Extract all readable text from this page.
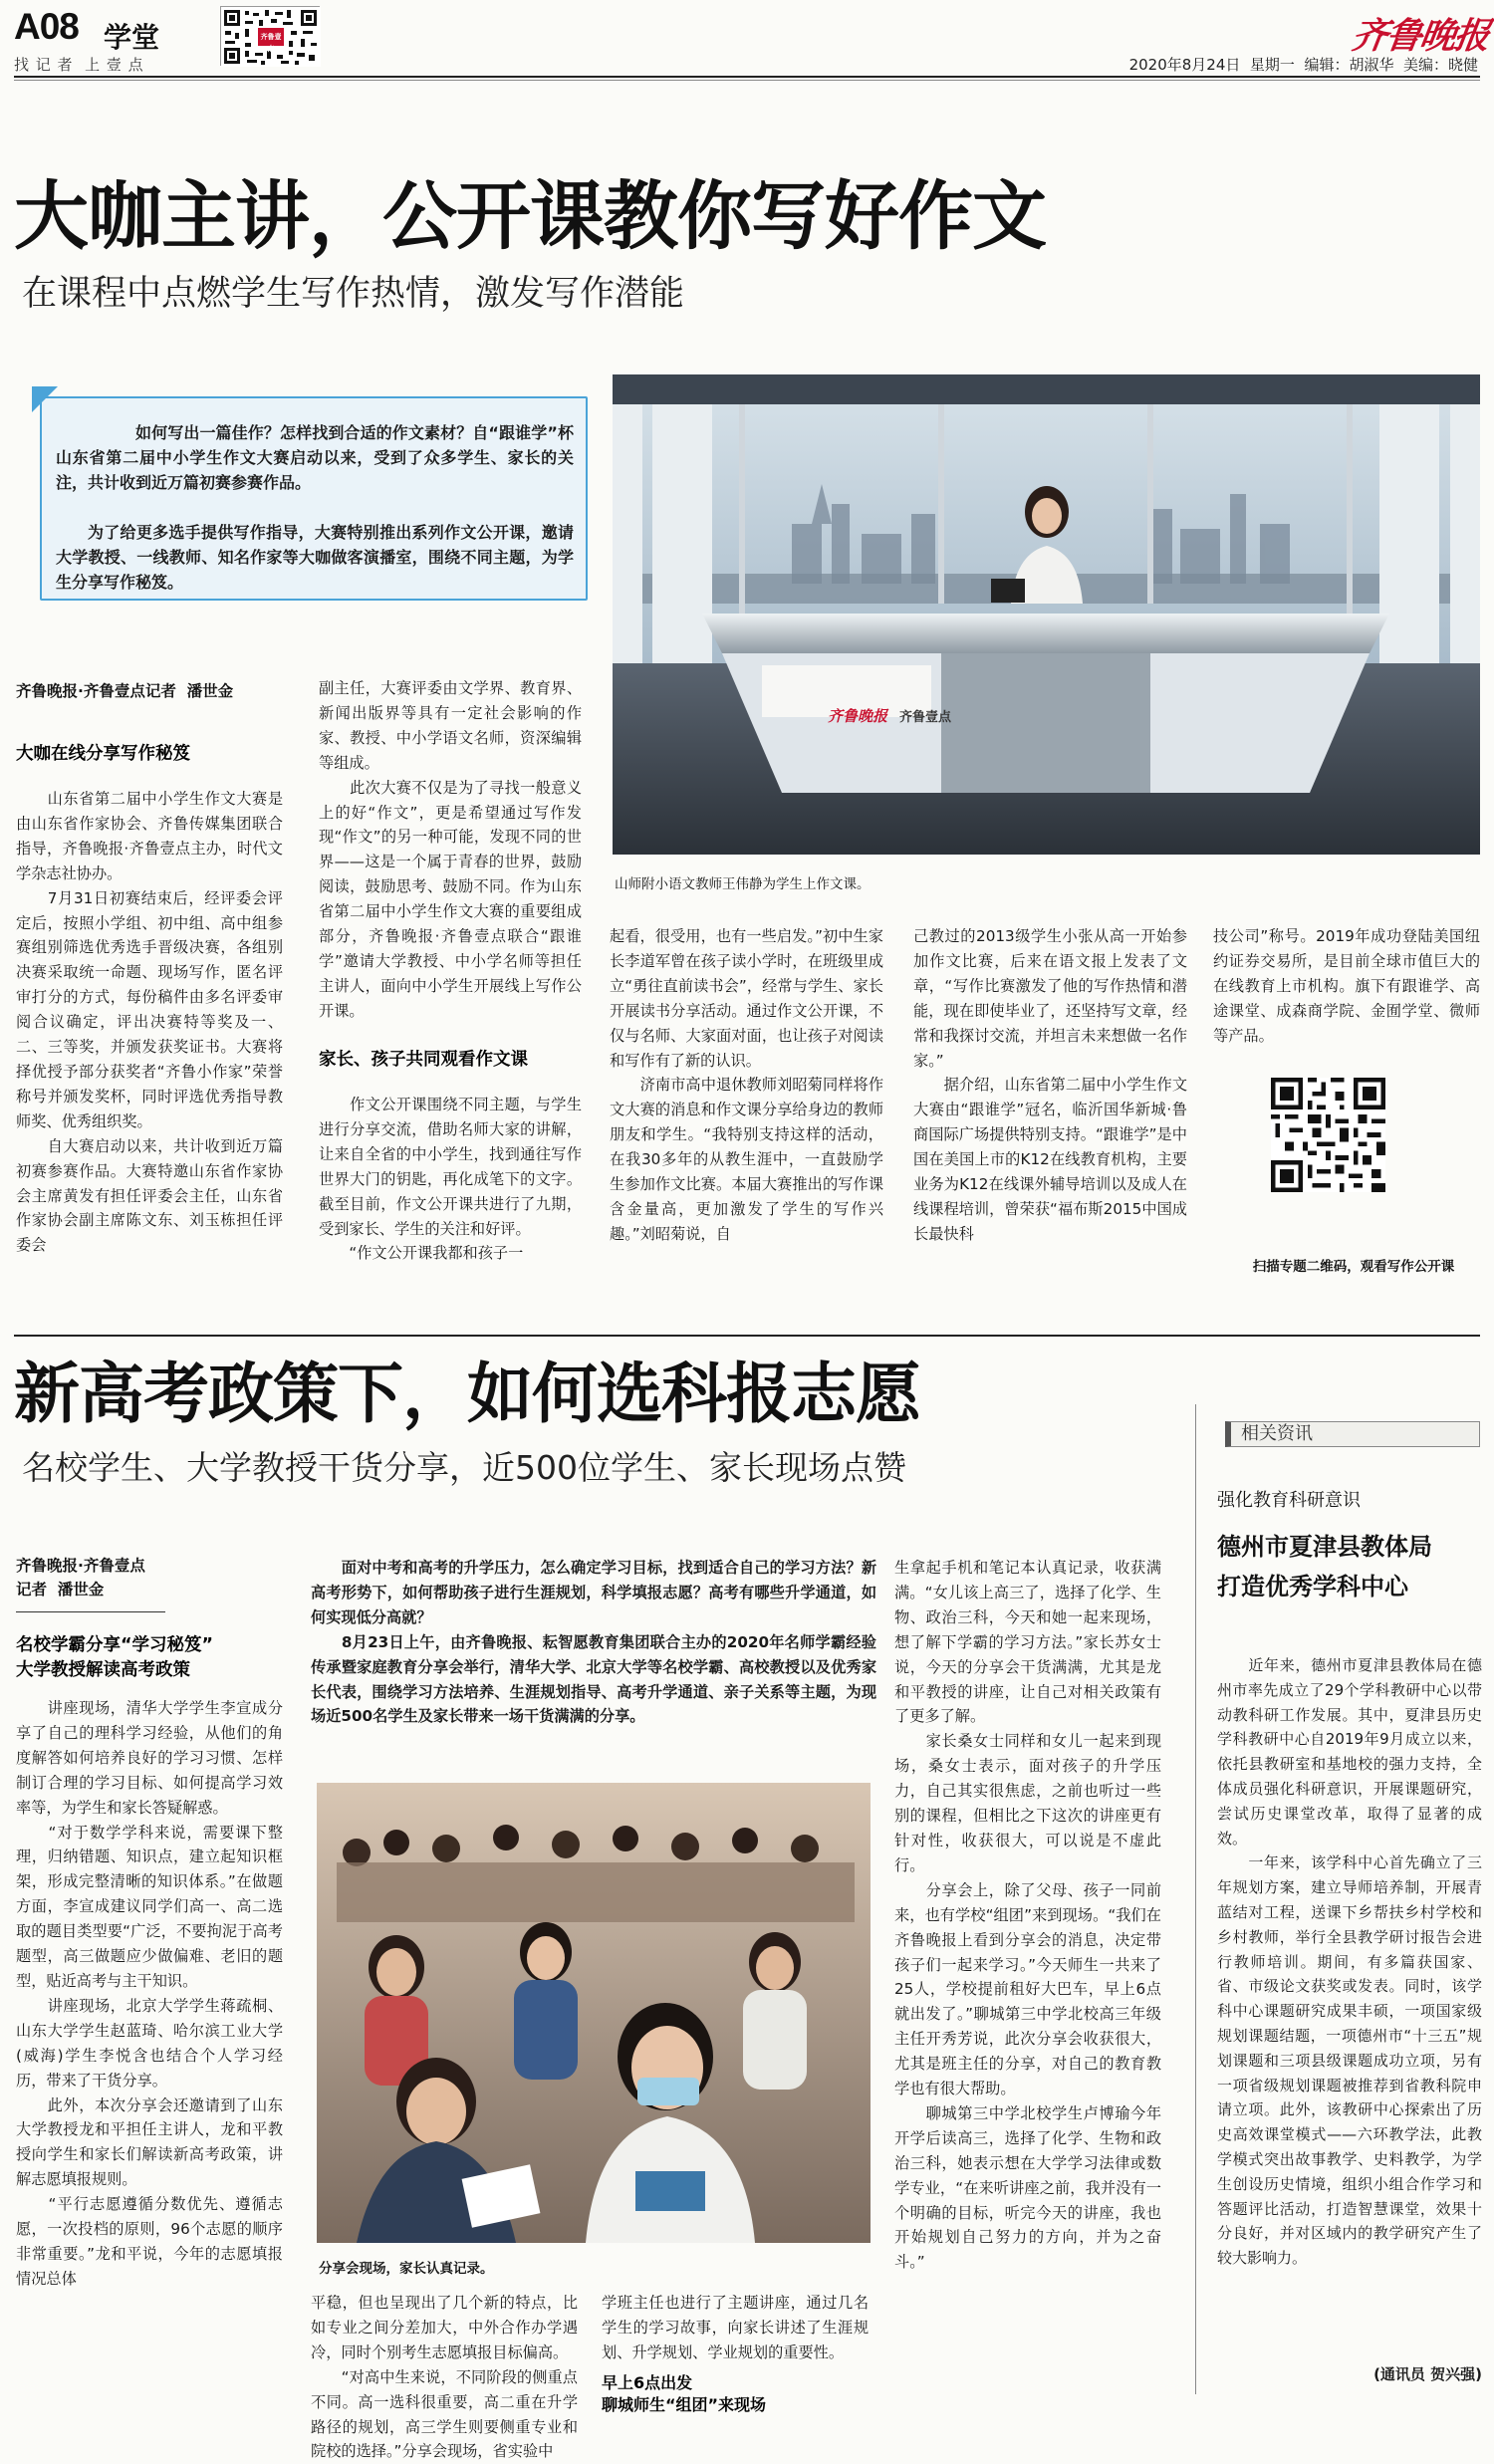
A08 学堂
找 记 者  上 壹 点
齐鲁壹点	齐鲁晚报
2020年8月24日  星期一  编辑：胡淑华  美编：晓健
大咖主讲，公开课教你写好作文
在课程中点燃学生写作热情，激发写作潜能
如何写出一篇佳作？怎样找到合适的作文素材？自“跟谁学”杯山东省第二届中小学生作文大赛启动以来，受到了众多学生、家长的关注，共计收到近万篇初赛参赛作品。
为了给更多选手提供写作指导，大赛特别推出系列作文公开课，邀请大学教授、一线教师、知名作家等大咖做客演播室，围绕不同主题，为学生分享写作秘笈。
齐鲁晚报 齐鲁壹点
山师附小语文教师王伟静为学生上作文课。
齐鲁晚报·齐鲁壹点记者  潘世金
大咖在线分享写作秘笈
　　山东省第二届中小学生作文大赛是由山东省作家协会、齐鲁传媒集团联合指导，齐鲁晚报·齐鲁壹点主办，时代文学杂志社协办。
　　7月31日初赛结束后，经评委会评定后，按照小学组、初中组、高中组参赛组别筛选优秀选手晋级决赛，各组别决赛采取统一命题、现场写作，匿名评审打分的方式，每份稿件由多名评委审阅合议确定，评出决赛特等奖及一、二、三等奖，并颁发获奖证书。大赛将择优授予部分获奖者“齐鲁小作家”荣誉称号并颁发奖杯，同时评选优秀指导教师奖、优秀组织奖。
　　自大赛启动以来，共计收到近万篇初赛参赛作品。大赛特邀山东省作家协会主席黄发有担任评委会主任，山东省作家协会副主席陈文东、刘玉栋担任评委会
副主任，大赛评委由文学界、教育界、新闻出版界等具有一定社会影响的作家、教授、中小学语文名师，资深编辑等组成。
　　此次大赛不仅是为了寻找一般意义上的好“作文”，更是希望通过写作发现“作文”的另一种可能，发现不同的世界——这是一个属于青春的世界，鼓励阅读，鼓励思考、鼓励不同。作为山东省第二届中小学生作文大赛的重要组成部分，齐鲁晚报·齐鲁壹点联合“跟谁学”邀请大学教授、中小学名师等担任主讲人，面向中小学生开展线上写作公开课。
家长、孩子共同观看作文课
　　作文公开课围绕不同主题，与学生进行分享交流，借助名师大家的讲解，让来自全省的中小学生，找到通往写作世界大门的钥匙，再化成笔下的文字。截至目前，作文公开课共进行了九期，受到家长、学生的关注和好评。
　　“作文公开课我都和孩子一
起看，很受用，也有一些启发。”初中生家长李道军曾在孩子读小学时，在班级里成立“勇往直前读书会”，经常与学生、家长开展读书分享活动。通过作文公开课，不仅与名师、大家面对面，也让孩子对阅读和写作有了新的认识。
　　济南市高中退休教师刘昭菊同样将作文大赛的消息和作文课分享给身边的教师朋友和学生。“我特别支持这样的活动，在我30多年的从教生涯中，一直鼓励学生参加作文比赛。本届大赛推出的写作课含金量高，更加激发了学生的写作兴趣。”刘昭菊说，自
己教过的2013级学生小张从高一开始参加作文比赛，后来在语文报上发表了文章，“写作比赛激发了他的写作热情和潜能，现在即使毕业了，还坚持写文章，经常和我探讨交流，并坦言未来想做一名作家。”
　　据介绍，山东省第二届中小学生作文大赛由“跟谁学”冠名，临沂国华新城·鲁商国际广场提供特别支持。“跟谁学”是中国在美国上市的K12在线教育机构，主要业务为K12在线课外辅导培训以及成人在线课程培训，曾荣获“福布斯2015中国成长最快科
技公司”称号。2019年成功登陆美国纽约证券交易所，是目前全球市值巨大的在线教育上市机构。旗下有跟谁学、高途课堂、成森商学院、金囿学堂、微师等产品。
扫描专题二维码，观看写作公开课
新高考政策下，如何选科报志愿
名校学生、大学教授干货分享，近500位学生、家长现场点赞
齐鲁晚报·齐鲁壹点
记者  潘世金
名校学霸分享“学习秘笈”
大学教授解读高考政策
　　讲座现场，清华大学学生李宣成分享了自己的理科学习经验，从他们的角度解答如何培养良好的学习习惯、怎样制订合理的学习目标、如何提高学习效率等，为学生和家长答疑解惑。
　　“对于数学学科来说，需要课下整理，归纳错题、知识点，建立起知识框架，形成完整清晰的知识体系。”在做题方面，李宣成建议同学们高一、高二选取的题目类型要“广泛，不要拘泥于高考题型，高三做题应少做偏难、老旧的题型，贴近高考与主干知识。
　　讲座现场，北京大学学生蒋疏桐、山东大学学生赵蓝琦、哈尔滨工业大学(威海)学生李悦含也结合个人学习经历，带来了干货分享。
　　此外，本次分享会还邀请到了山东大学教授龙和平担任主讲人，龙和平教授向学生和家长们解读新高考政策，讲解志愿填报规则。
　　“平行志愿遵循分数优先、遵循志愿，一次投档的原则，96个志愿的顺序非常重要。”龙和平说，今年的志愿填报情况总体
　　面对中考和高考的升学压力，怎么确定学习目标，找到适合自己的学习方法？新高考形势下，如何帮助孩子进行生涯规划，科学填报志愿？高考有哪些升学通道，如何实现低分高就？
　　8月23日上午，由齐鲁晚报、耘智愿教育集团联合主办的2020年名师学霸经验传承暨家庭教育分享会举行，清华大学、北京大学等名校学霸、高校教授以及优秀家长代表，围绕学习方法培养、生涯规划指导、高考升学通道、亲子关系等主题，为现场近500名学生及家长带来一场干货满满的分享。
分享会现场，家长认真记录。
平稳，但也呈现出了几个新的特点，比如专业之间分差加大，中外合作办学遇冷，同时个别考生志愿填报目标偏高。
　　“对高中生来说，不同阶段的侧重点不同。高一选科很重要，高二重在升学路径的规划，高三学生则要侧重专业和院校的选择。”分享会现场，省实验中
学班主任也进行了主题讲座，通过几名学生的学习故事，向家长讲述了生涯规划、升学规划、学业规划的重要性。
早上6点出发
聊城师生“组团”来现场
生拿起手机和笔记本认真记录，收获满满。“女儿该上高三了，选择了化学、生物、政治三科，今天和她一起来现场，想了解下学霸的学习方法。”家长苏女士说，今天的分享会干货满满，尤其是龙和平教授的讲座，让自己对相关政策有了更多了解。
　　家长桑女士同样和女儿一起来到现场，桑女士表示，面对孩子的升学压力，自己其实很焦虑，之前也听过一些别的课程，但相比之下这次的讲座更有针对性，收获很大，可以说是不虚此行。
　　分享会上，除了父母、孩子一同前来，也有学校“组团”来到现场。“我们在齐鲁晚报上看到分享会的消息，决定带孩子们一起来学习。”今天师生一共来了25人，学校提前租好大巴车，早上6点就出发了。”聊城第三中学北校高三年级主任开秀芳说，此次分享会收获很大，尤其是班主任的分享，对自己的教育教学也有很大帮助。
　　聊城第三中学北校学生卢博瑜今年开学后读高三，选择了化学、生物和政治三科，她表示想在大学学习法律或数学专业，“在来听讲座之前，我并没有一个明确的目标，听完今天的讲座，我也开始规划自己努力的方向，并为之奋斗。”
相关资讯
强化教育科研意识
德州市夏津县教体局
打造优秀学科中心
　　近年来，德州市夏津县教体局在德州市率先成立了29个学科教研中心以带动教科研工作发展。其中，夏津县历史学科教研中心自2019年9月成立以来，依托县教研室和基地校的强力支持，全体成员强化科研意识，开展课题研究，尝试历史课堂改革，取得了显著的成效。
　　一年来，该学科中心首先确立了三年规划方案，建立导师培养制，开展青蓝结对工程，送课下乡帮扶乡村学校和乡村教师，举行全县教学研讨报告会进行教师培训。期间，有多篇获国家、省、市级论文获奖或发表。同时，该学科中心课题研究成果丰硕，一项国家级规划课题结题，一项德州市“十三五”规划课题和三项县级课题成功立项，另有一项省级规划课题被推荐到省教科院申请立项。此外，该教研中心探索出了历史高效课堂模式——六环教学法，此教学模式突出故事教学、史料教学，为学生创设历史情境，组织小组合作学习和答题评比活动，打造智慧课堂，效果十分良好，并对区域内的教学研究产生了较大影响力。
(通讯员 贺兴强)
